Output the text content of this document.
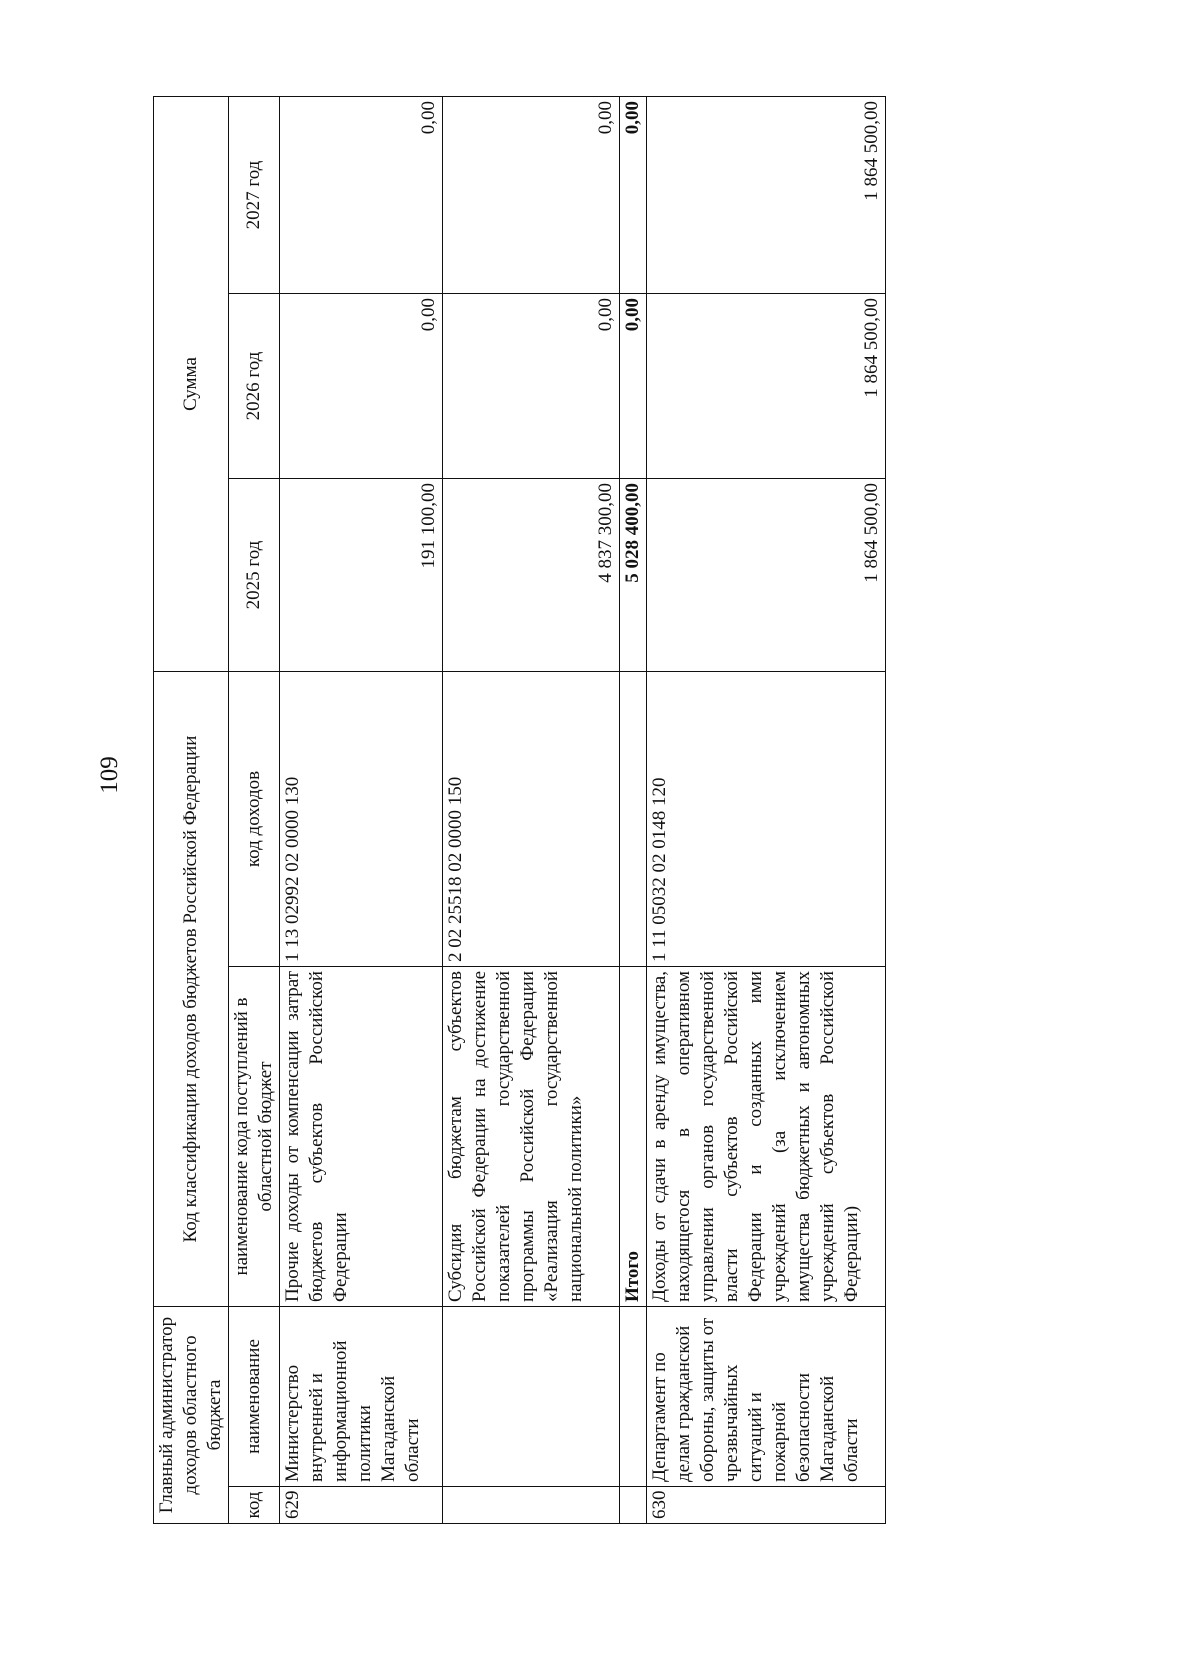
109
Главный администратор доходов областного бюджета		Код классификации доходов бюджетов Российской Федерации		Сумма		
код	наименование	наименование кода поступлений в областной бюджет	код доходов	2025 год	2026 год	2027 год
629	Министерство внутренней и информационной политики Магаданской области	Прочие доходы от компенсации затрат бюджетов субъектов Российской Федерации	1 13 02992 02 0000 130	191 100,00	0,00	0,00
		Субсидия бюджетам субъектов Российской Федерации на достижение показателей государственной программы Российской Федерации «Реализация государственной национальной политики»	2 02 25518 02 0000 150	4 837 300,00	0,00	0,00
		Итого		5 028 400,00	0,00	0,00
630	Департамент по делам гражданской обороны, защиты от чрезвычайных ситуаций и пожарной безопасности Магаданской области	Доходы от сдачи в аренду имущества, находящегося в оперативном управлении органов государственной власти субъектов Российской Федерации и созданных ими учреждений (за исключением имущества бюджетных и автономных учреждений субъектов Российской Федерации)	1 11 05032 02 0148 120	1 864 500,00	1 864 500,00	1 864 500,00
